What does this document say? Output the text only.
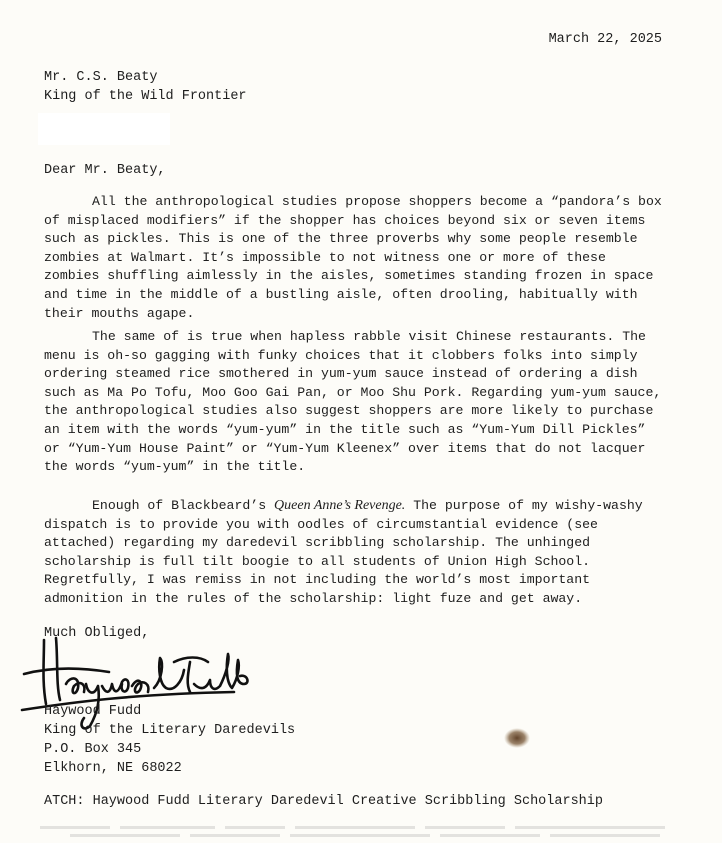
March 22, 2025
Mr. C.S. Beaty
King of the Wild Frontier
Dear Mr. Beaty,

All the anthropological studies propose shoppers become a “pandora’s box of misplaced modifiers” if the shopper has choices beyond six or seven items such as pickles. This is one of the three proverbs why some people resemble zombies at Walmart. It’s impossible to not witness one or more of these zombies shuffling aimlessly in the aisles, sometimes standing frozen in space and time in the middle of a bustling aisle, often drooling, habitually with their mouths agape.

The same of is true when hapless rabble visit Chinese restaurants. The menu is oh-so gagging with funky choices that it clobbers folks into simply ordering steamed rice smothered in yum-yum sauce instead of ordering a dish such as Ma Po Tofu, Moo Goo Gai Pan, or Moo Shu Pork. Regarding yum-yum sauce, the anthropological studies also suggest shoppers are more likely to purchase an item with the words “yum-yum” in the title such as “Yum-Yum Dill Pickles” or “Yum-Yum House Paint” or “Yum-Yum Kleenex” over items that do not lacquer the words “yum-yum” in the title.

Enough of Blackbeard’s Queen Anne’s Revenge. The purpose of my wishy-washy dispatch is to provide you with oodles of circumstantial evidence (see attached) regarding my daredevil scribbling scholarship. The unhinged scholarship is full tilt boogie to all students of Union High School. Regretfully, I was remiss in not including the world’s most important admonition in the rules of the scholarship: light fuze and get away.

Much Obliged,
Haywood Fudd
King of the Literary Daredevils
P.O. Box 345
Elkhorn, NE 68022
ATCH: Haywood Fudd Literary Daredevil Creative Scribbling Scholarship
